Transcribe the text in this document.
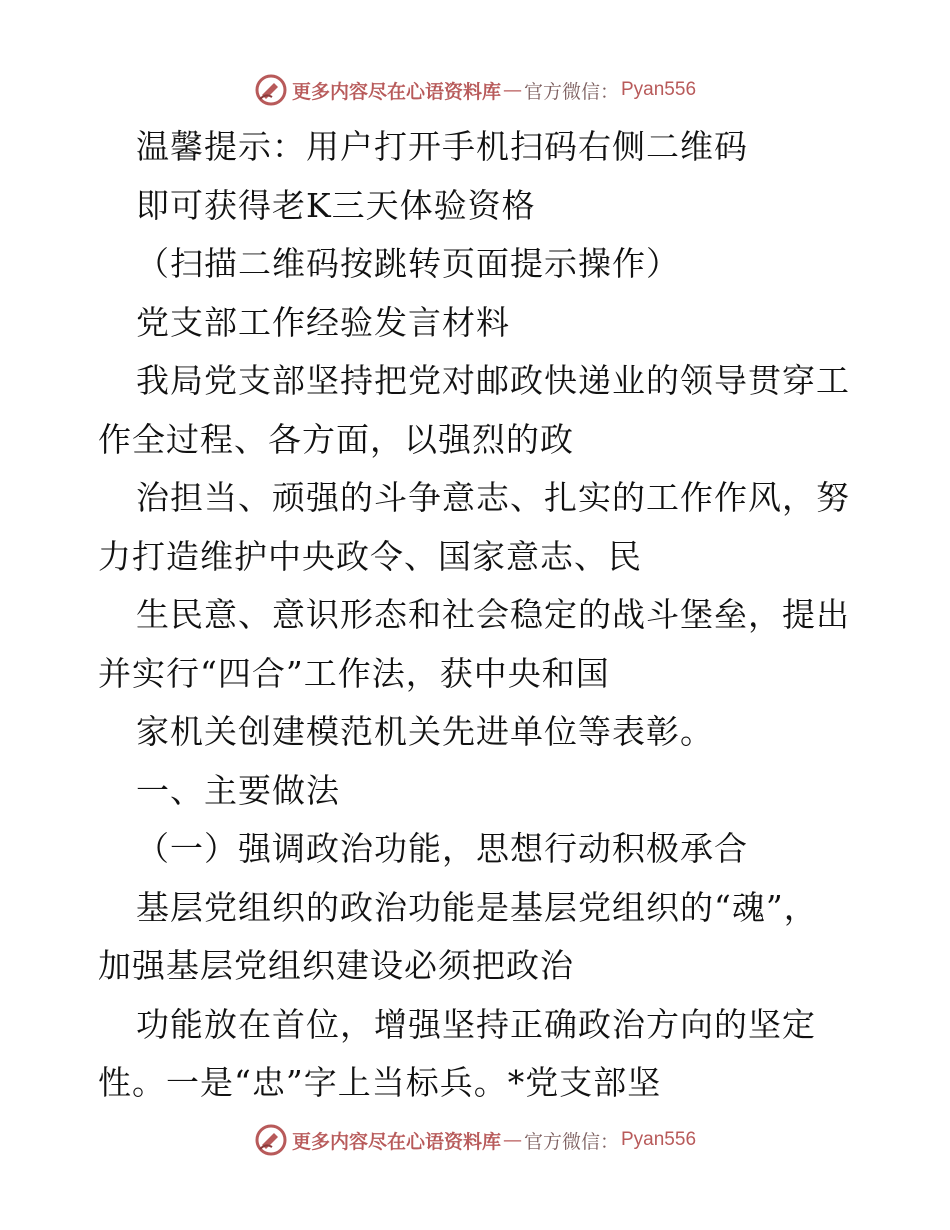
更多内容尽在心语资料库 — 官方微信： Pyan556
温馨提示：用户打开手机扫码右侧二维码
即可获得老K三天体验资格
（扫描二维码按跳转页面提示操作）
党支部工作经验发言材料
我局党支部坚持把党对邮政快递业的领导贯穿工
作全过程、各方面，以强烈的政
治担当、顽强的斗争意志、扎实的工作作风，努
力打造维护中央政令、国家意志、民
生民意、意识形态和社会稳定的战斗堡垒，提出
并实行“四合”工作法，获中央和国
家机关创建模范机关先进单位等表彰。
一、主要做法
（一）强调政治功能，思想行动积极承合
基层党组织的政治功能是基层党组织的“魂”，
加强基层党组织建设必须把政治
功能放在首位，增强坚持正确政治方向的坚定
性。一是“忠”字上当标兵。*党支部坚
更多内容尽在心语资料库 — 官方微信： Pyan556
